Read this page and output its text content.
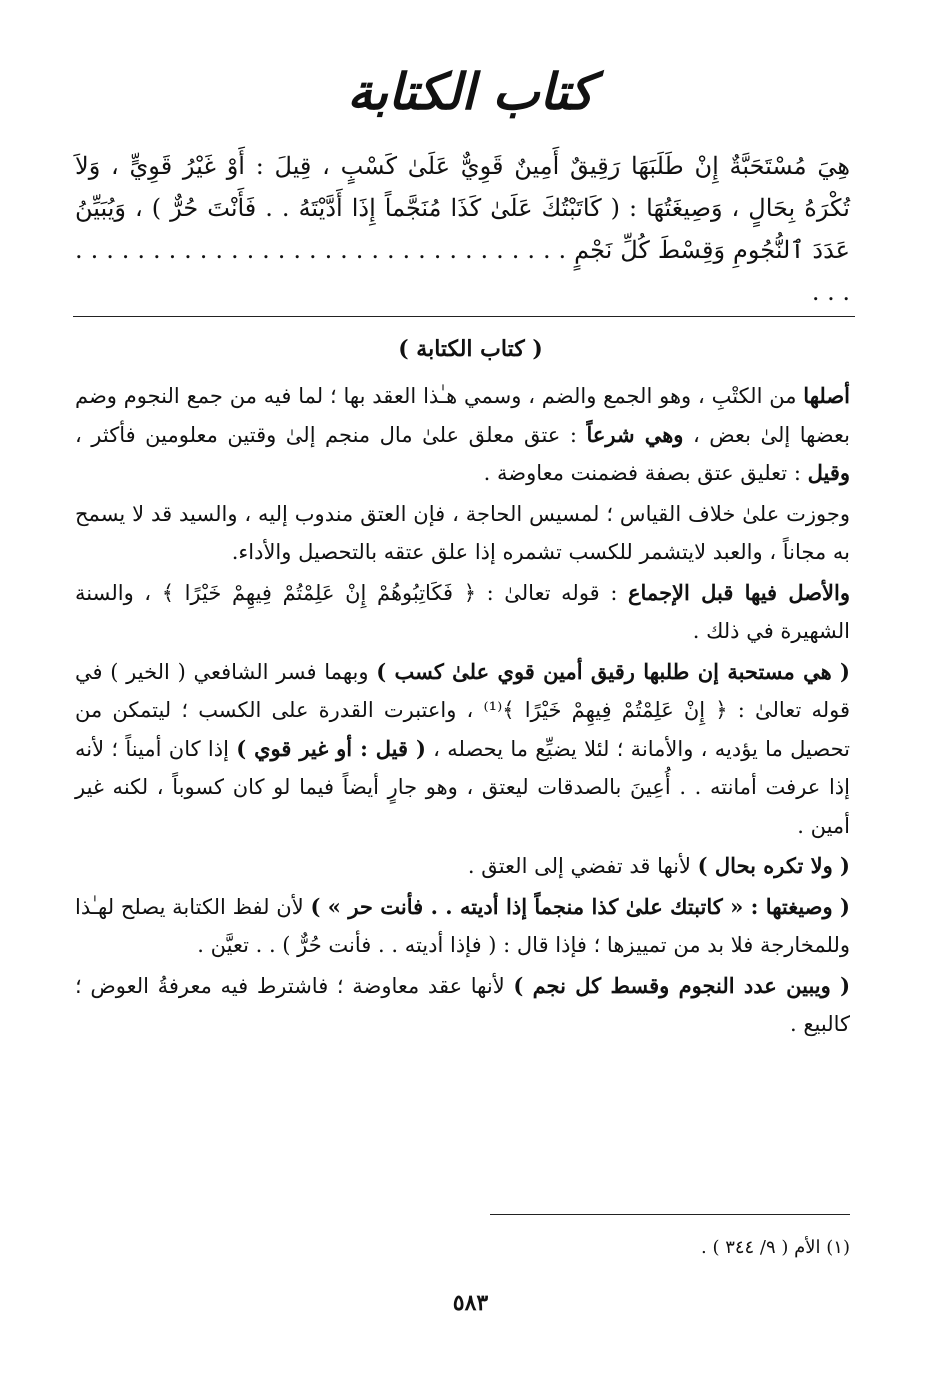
كتاب الكتابة
هِيَ مُسْتَحَبَّةٌ إِنْ طَلَبَهَا رَقِيقٌ أَمِينٌ قَوِيٌّ عَلَىٰ كَسْبٍ ، قِيلَ : أَوْ غَيْرُ قَوِيٍّ ، وَلاَ تُكْرَهُ بِحَالٍ ، وَصِيغَتُهَا : ( كَاتَبْتُكَ عَلَىٰ كَذَا مُنَجَّماً إِذَا أَدَّيْتَهُ . . فَأَنْتَ حُرٌّ ) ، وَيُبَيِّنُ عَدَدَ ٱلنُّجُومِ وَقِسْطَ كُلِّ نَجْمٍ . . . . . . . . . . . . . . . . . . . . . . . . . . . . . . . . . . .
( كتاب الكتابة )

أصلها من الكتْبِ ، وهو الجمع والضم ، وسمي هـٰذا العقد بها ؛ لما فيه من جمع النجوم وضم بعضها إلىٰ بعض ، وهي شرعاً : عتق معلق علىٰ مال منجم إلىٰ وقتين معلومين فأكثر ، وقيل : تعليق عتق بصفة فضمنت معاوضة .

وجوزت علىٰ خلاف القياس ؛ لمسيس الحاجة ، فإن العتق مندوب إليه ، والسيد قد لا يسمح به مجاناً ، والعبد لايتشمر للكسب تشمره إذا علق عتقه بالتحصيل والأداء.

والأصل فيها قبل الإجماع : قوله تعالىٰ : ﴿ فَكَاتِبُوهُمْ إِنْ عَلِمْتُمْ فِيهِمْ خَيْرًا ﴾ ، والسنة الشهيرة في ذلك .

( هي مستحبة إن طلبها رقيق أمين قوي علىٰ كسب ) وبهما فسر الشافعي ( الخير ) في قوله تعالىٰ : ﴿ إِنْ عَلِمْتُمْ فِيهِمْ خَيْرًا ﴾⁽¹⁾ ، واعتبرت القدرة على الكسب ؛ ليتمكن من تحصيل ما يؤديه ، والأمانة ؛ لئلا يضيِّع ما يحصله ، ( قيل : أو غير قوي ) إذا كان أميناً ؛ لأنه إذا عرفت أمانته . . أُعِينَ بالصدقات ليعتق ، وهو جارٍ أيضاً فيما لو كان كسوباً ، لكنه غير أمين .

( ولا تكره بحال ) لأنها قد تفضي إلى العتق .

( وصيغتها : « كاتبتك علىٰ كذا منجماً إذا أديته . . فأنت حر » ) لأن لفظ الكتابة يصلح لهـٰذا وللمخارجة فلا بد من تمييزها ؛ فإذا قال : ( فإذا أديته . . فأنت حُرٌّ ) . . تعيَّن .

( ويبين عدد النجوم وقسط كل نجم ) لأنها عقد معاوضة ؛ فاشترط فيه معرفةُ العوض ؛ كالبيع .

(١) الأم ( ٩/ ٣٤٤ ) .
٥٨٣
